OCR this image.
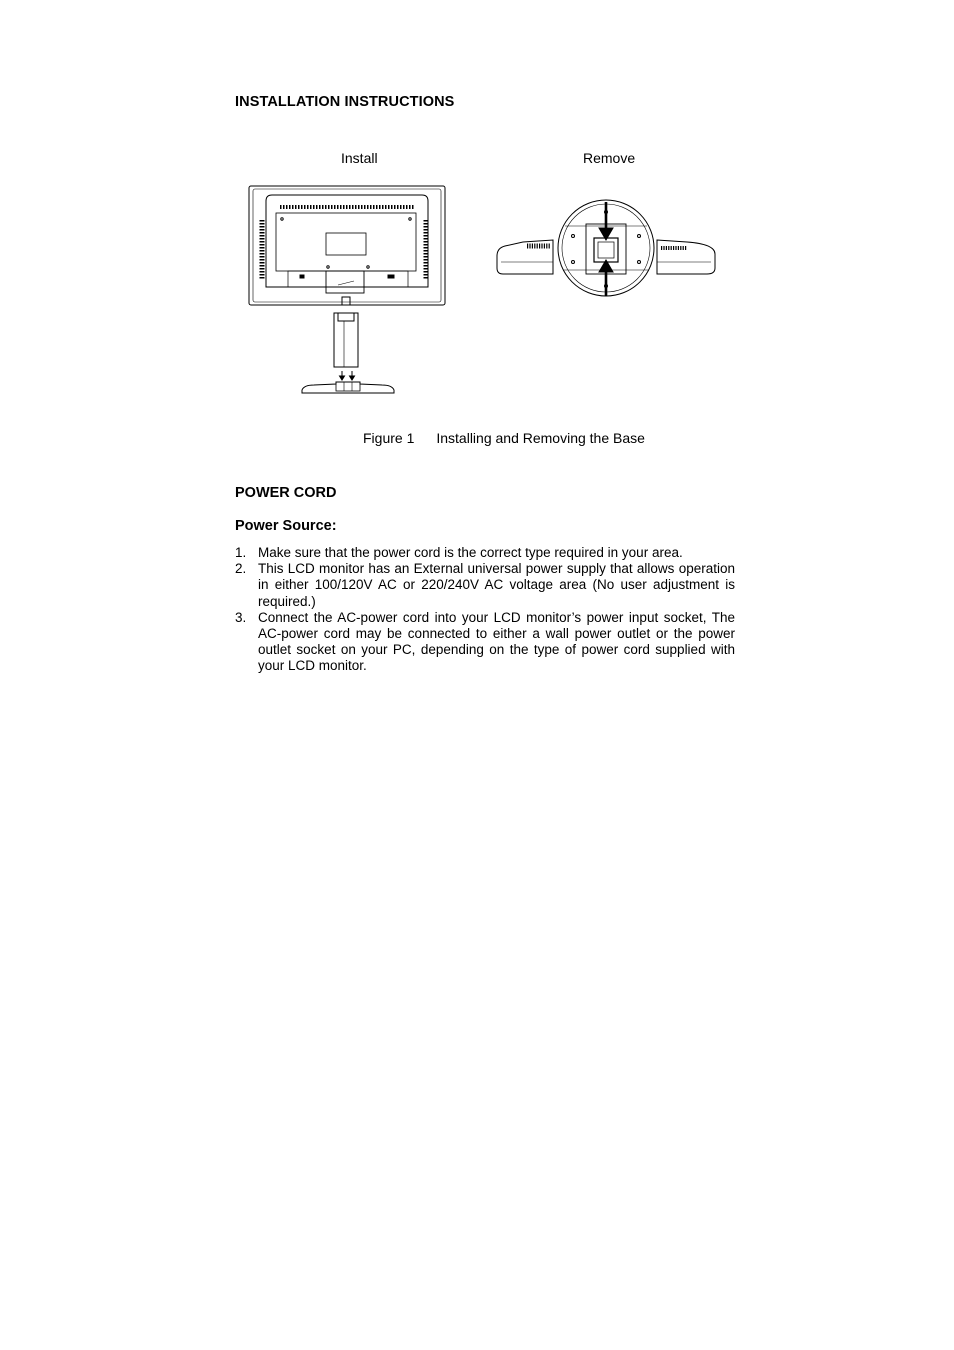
INSTALLATION INSTRUCTIONS
Install	Remove
Figure 1 Installing and Removing the Base
POWER CORD
Power Source:
1. Make sure that the power cord is the correct type required in your area.
2. This LCD monitor has an External universal power supply that allows operation in either 100/120V AC or 220/240V AC voltage area (No user adjustment is required.)
3. Connect the AC-power cord into your LCD monitor’s power input socket, The AC-power cord may be connected to either a wall power outlet or the power outlet socket on your PC, depending on the type of power cord supplied with your LCD monitor.
